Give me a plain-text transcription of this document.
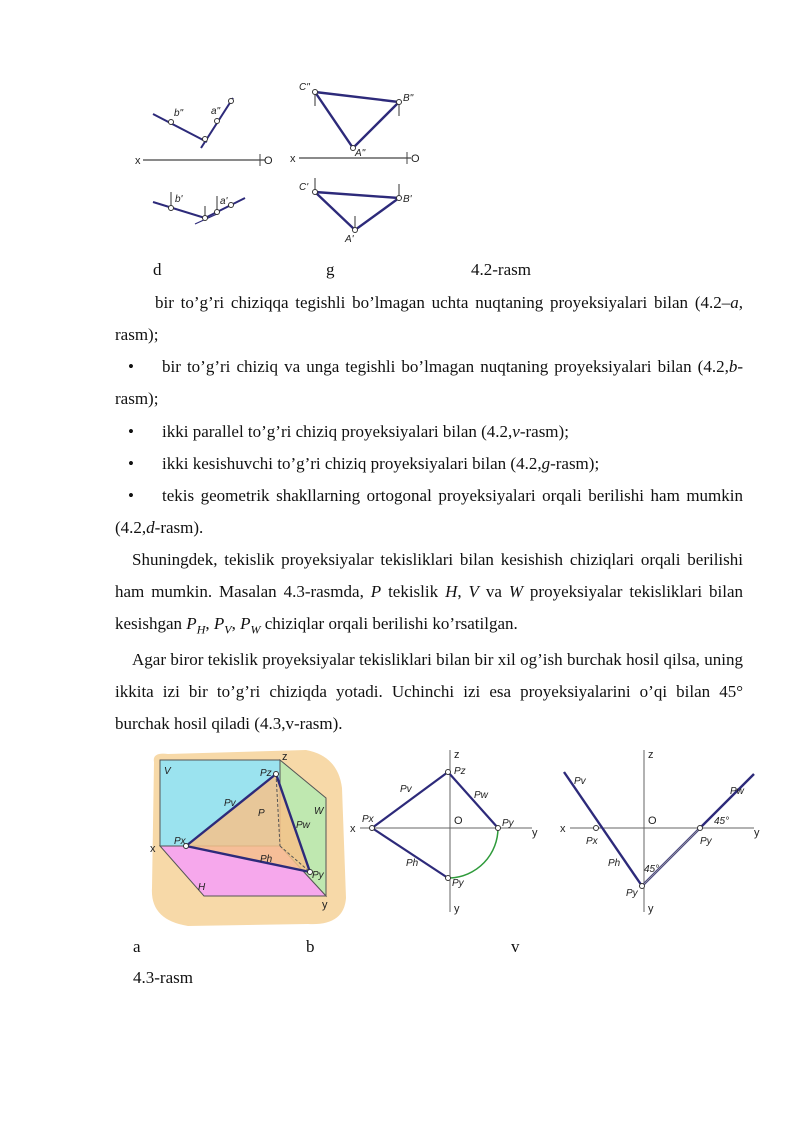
x	O
b"	a"
b'	a'
x	O
C"
B"
A"
C'
B'
A'
d	g	4.2-rasm
bir to’g’ri chiziqqa tegishli bo’lmagan uchta nuqtaning proyeksiyalari bilan (4.2–a, rasm);
•	bir to’g’ri chiziq va unga tegishli bo’lmagan nuqtaning proyeksiyalari bilan (4.2,b- rasm);
•	ikki parallel to’g’ri chiziq proyeksiyalari bilan (4.2,v-rasm);
•	ikki kesishuvchi to’g’ri chiziq proyeksiyalari bilan (4.2,g-rasm);
•	tekis geometrik shakllarning ortogonal proyeksiyalari orqali berilishi ham mumkin (4.2,d-rasm).
Shuningdek, tekislik proyeksiyalar tekisliklari bilan kesishish chiziqlari orqali berilishi ham mumkin. Masalan 4.3-rasmda, P tekislik H, V va W proyeksiyalar tekisliklari bilan kesishgan $P_H$, $P_V$, $P_W$ chiziqlar orqali berilishi ko’rsatilgan.
Agar biror tekislik proyeksiyalar tekisliklari bilan bir xil og’ish burchak hosil qilsa, uning ikkita izi bir to’g’ri chiziqda yotadi. Uchinchi izi esa proyeksiyalarini o’qi bilan 45° burchak hosil qiladi (4.3,v-rasm).
V
W
H
P
Pz
Pv
Pw
Ph
Px
Py
x
y
z	z
x	y
y
O
Pz
Pv
Pw
Ph
Px	Py
Py
z
x	y
y
O
Pv
Pw
Px
Ph
Py
Py
45°
45°
a	b	v
4.3-rasm
